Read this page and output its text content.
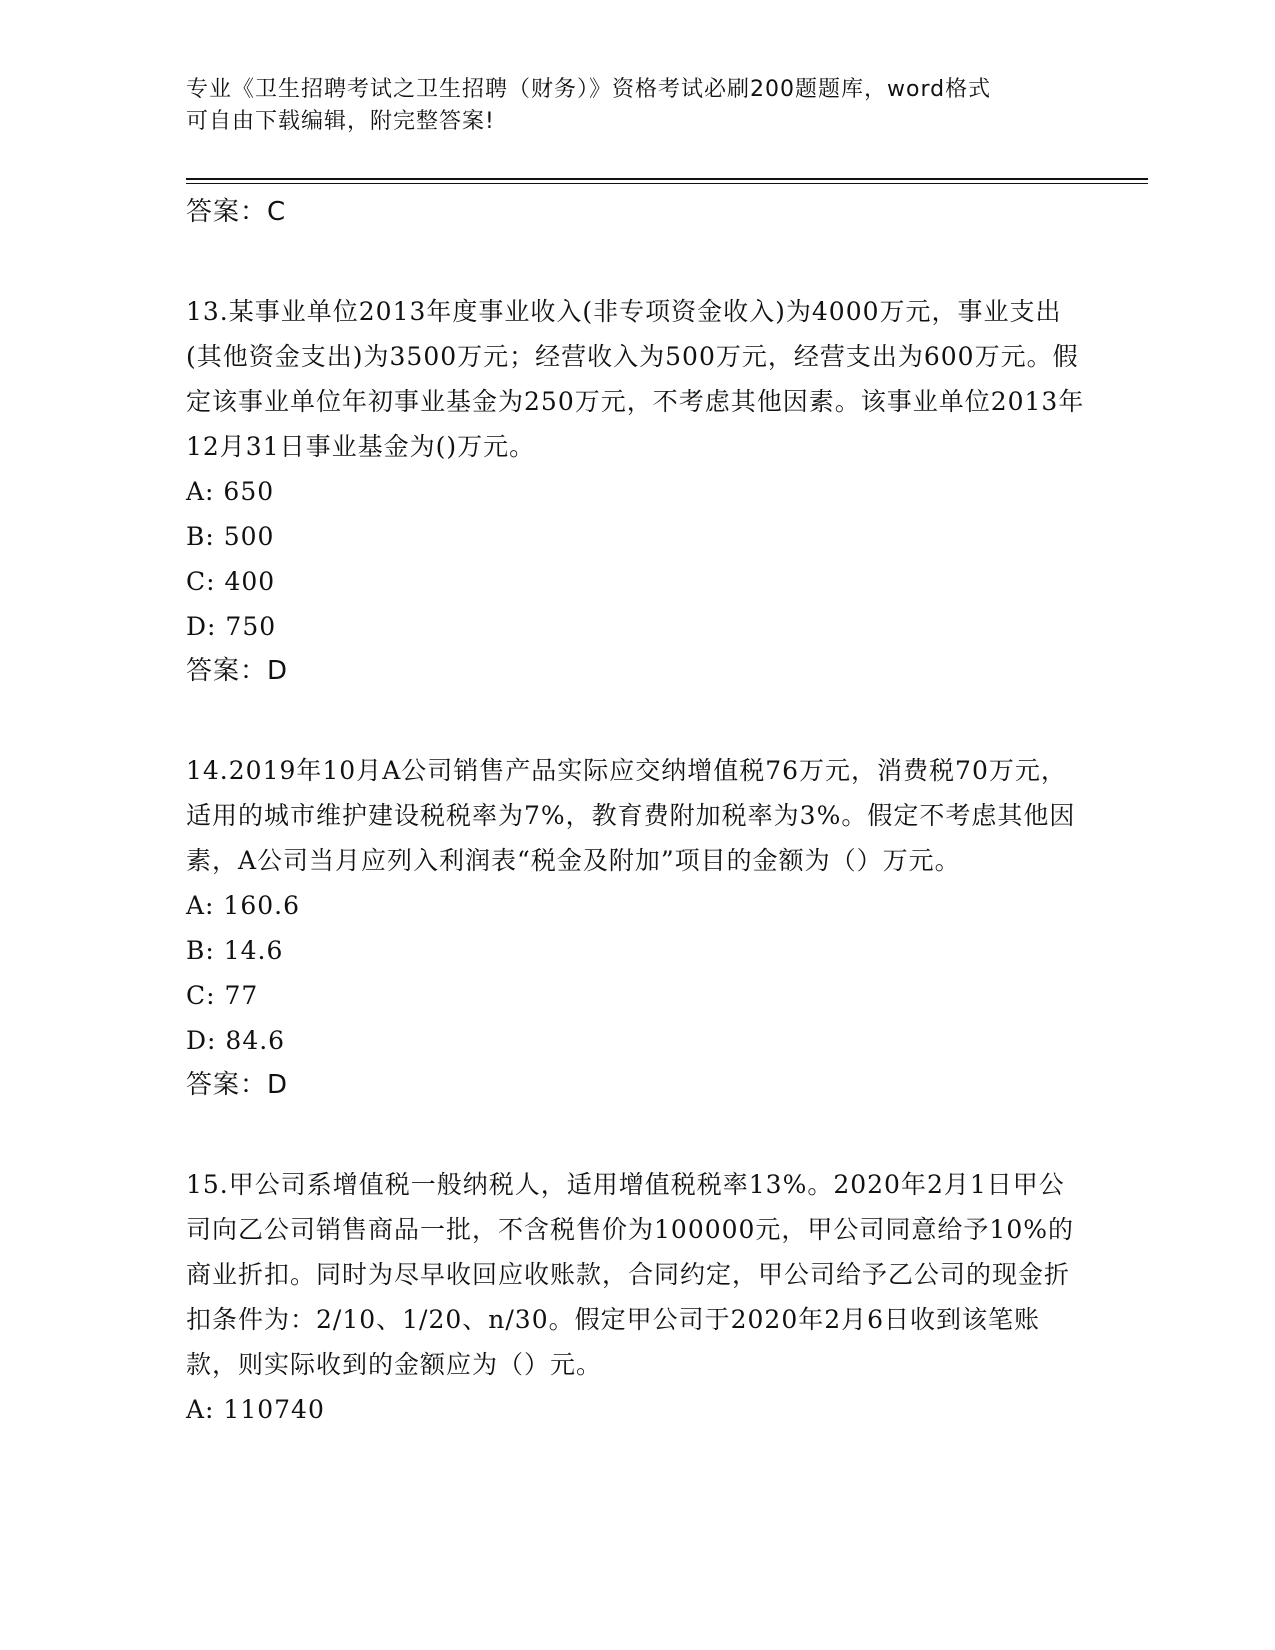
专业《卫生招聘考试之卫生招聘（财务）》资格考试必刷200题题库，word格式
可自由下载编辑，附完整答案!
答案：C
13.某事业单位2013年度事业收入(非专项资金收入)为4000万元，事业支出(其他资金支出)为3500万元；经营收入为500万元，经营支出为600万元。假定该事业单位年初事业基金为250万元，不考虑其他因素。该事业单位2013年12月31日事业基金为()万元。
A: 650
B: 500
C: 400
D: 750
答案：D
14.2019年10月A公司销售产品实际应交纳增值税76万元，消费税70万元，适用的城市维护建设税税率为7%，教育费附加税率为3%。假定不考虑其他因素，A公司当月应列入利润表“税金及附加”项目的金额为（）万元。
A: 160.6
B: 14.6
C: 77
D: 84.6
答案：D
15.甲公司系增值税一般纳税人，适用增值税税率13%。2020年2月1日甲公司向乙公司销售商品一批，不含税售价为100000元，甲公司同意给予10%的商业折扣。同时为尽早收回应收账款，合同约定，甲公司给予乙公司的现金折扣条件为：2/10、1/20、n/30。假定甲公司于2020年2月6日收到该笔账款，则实际收到的金额应为（）元。
A: 110740
